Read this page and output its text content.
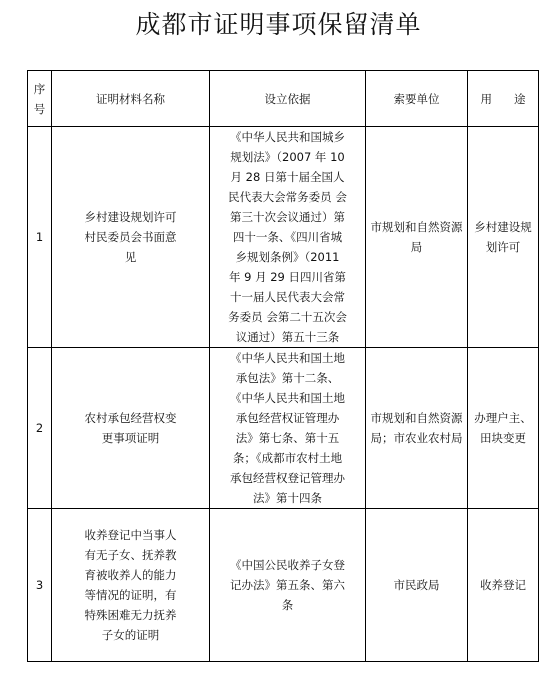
成都市证明事项保留清单
序
号	证明材料名称	设立依据	索要单位	用      途
1	乡村建设规划许可村民委员会书面意见	《中华人民共和国城乡规划法》（2007 年 10 月 28 日第十届全国人民代表大会常务委员 会第三十次会议通过）第四十一条、《四川省城乡规划条例》（2011 年 9 月 29 日四川省第十一届人民代表大会常务委员 会第二十五次会议通过）第五十三条	市规划和自然资源局	乡村建设规划许可
2	农村承包经营权变更事项证明	《中华人民共和国土地承包法》第十二条、《中华人民共和国土地承包经营权证管理办法》第七条、第十五条；《成都市农村土地承包经营权登记管理办法》第十四条	市规划和自然资源局；市农业农村局	办理户主、田块变更
3	收养登记中当事人有无子女、抚养教育被收养人的能力等情况的证明，有特殊困难无力抚养子女的证明	《中国公民收养子女登记办法》第五条、第六条	市民政局	收养登记
